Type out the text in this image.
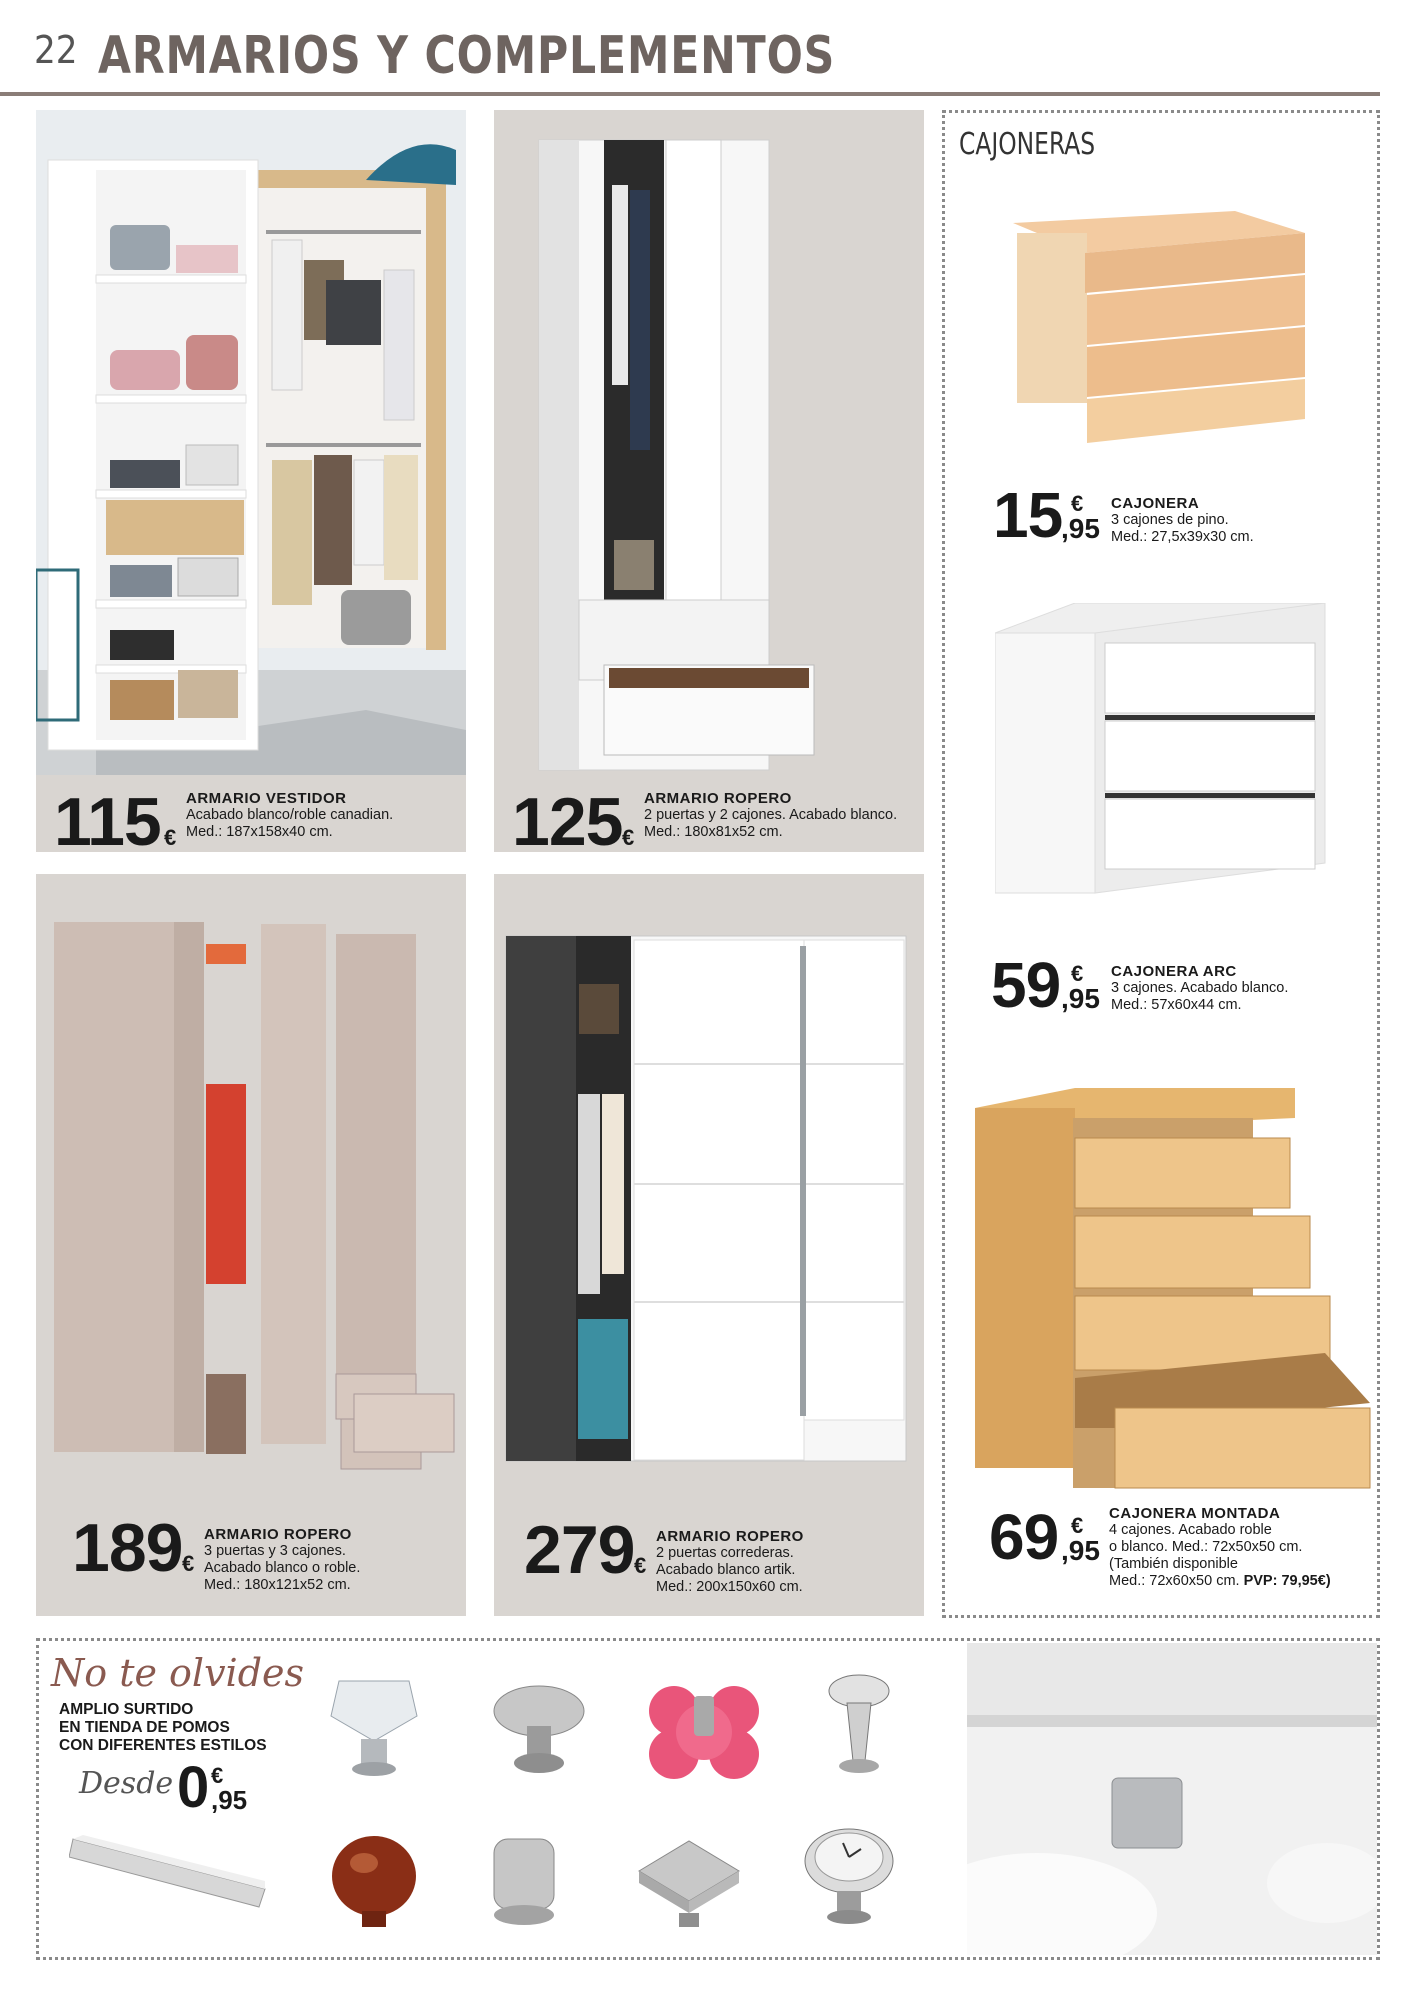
22 ARMARIOS Y COMPLEMENTOS
115 €
ARMARIO VESTIDOR
Acabado blanco/roble canadian.
Med.: 187x158x40 cm.	125 €
ARMARIO ROPERO
2 puertas y 2 cajones. Acabado blanco.
Med.: 180x81x52 cm.
189 €
ARMARIO ROPERO
3 puertas y 3 cajones.
Acabado blanco o roble.
Med.: 180x121x52 cm.	279 €
ARMARIO ROPERO
2 puertas correderas.
Acabado blanco artik.
Med.: 200x150x60 cm.
CAJONERAS
15 €
,95
CAJONERA
3 cajones de pino.
Med.: 27,5x39x30 cm.
59 €
,95
CAJONERA ARC
3 cajones. Acabado blanco.
Med.: 57x60x44 cm.
69 €
,95
CAJONERA MONTADA
4 cajones. Acabado roble
o blanco. Med.: 72x50x50 cm.
(También disponible
Med.: 72x60x50 cm. PVP: 79,95€)
No te olvides
AMPLIO SURTIDO
EN TIENDA DE POMOS
CON DIFERENTES ESTILOS
Desde 0 €
,95
